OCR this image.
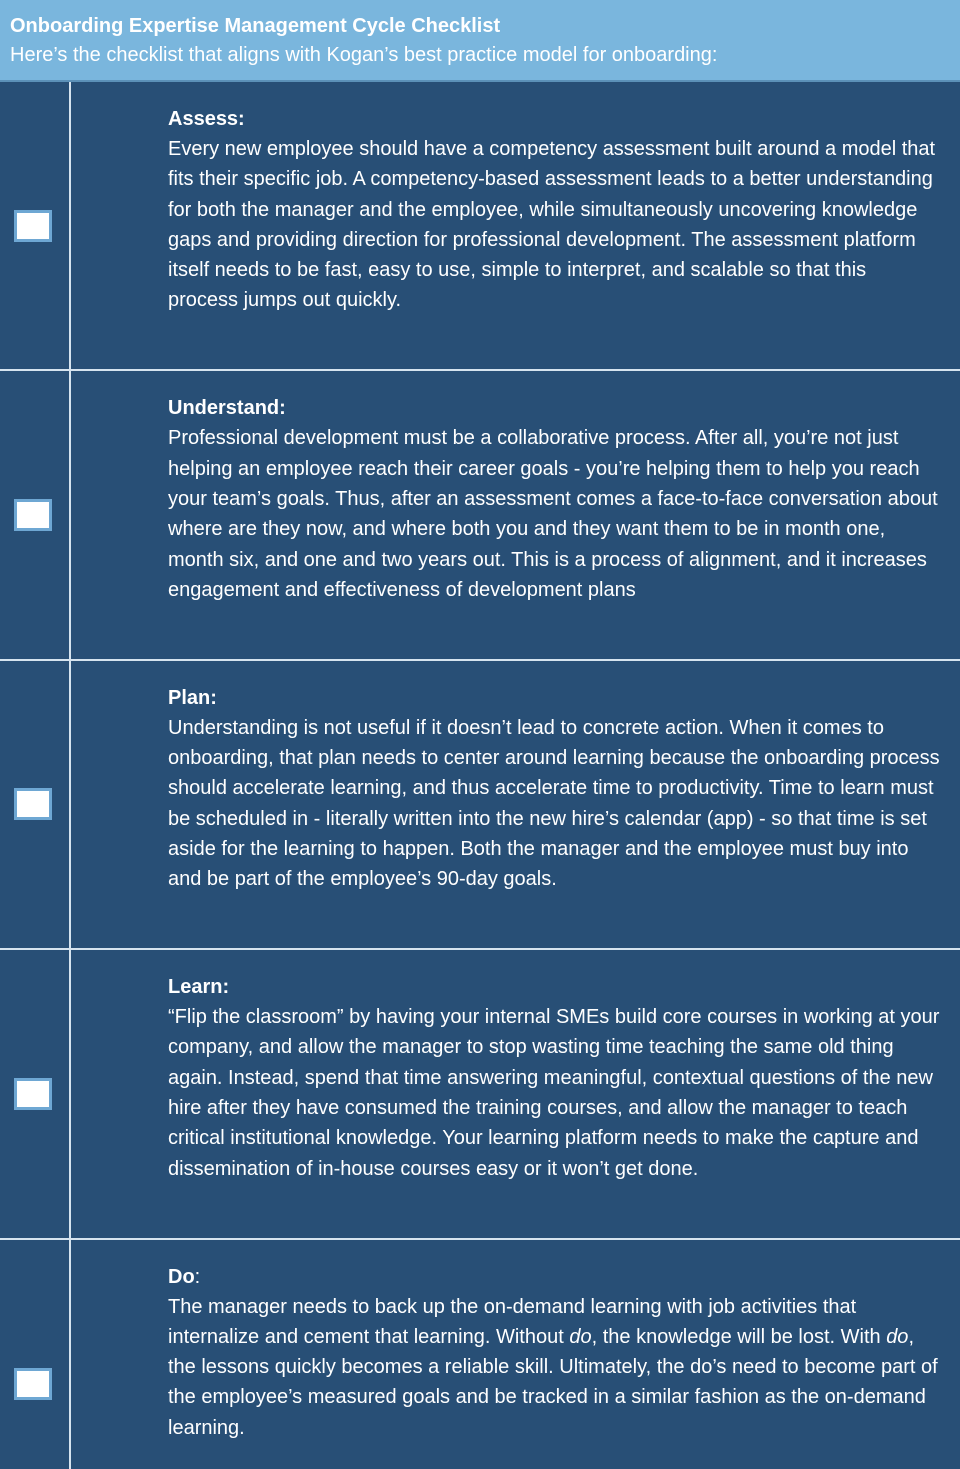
Onboarding Expertise Management Cycle Checklist
Here’s the checklist that aligns with Kogan’s best practice model for onboarding:
Assess:
Every new employee should have a competency assessment built around a model that fits their specific job. A competency-based assessment leads to a better understanding for both the manager and the employee, while simultaneously uncovering knowledge gaps and providing direction for professional development. The assessment platform itself needs to be fast, easy to use, simple to interpret, and scalable so that this process jumps out quickly.
Understand:
Professional development must be a collaborative process. After all, you’re not just helping an employee reach their career goals - you’re helping them to help you reach your team’s goals. Thus, after an assessment comes a face-to-face conversation about where are they now, and where both you and they want them to be in month one, month six, and one and two years out. This is a process of alignment, and it increases engagement and effectiveness of development plans
Plan:
Understanding is not useful if it doesn’t lead to concrete action. When it comes to onboarding, that plan needs to center around learning because the onboarding process should accelerate learning, and thus accelerate time to productivity. Time to learn must be scheduled in - literally written into the new hire’s calendar (app) - so that time is set aside for the learning to happen. Both the manager and the employee must buy into and be part of the employee’s 90-day goals.
Learn:
“Flip the classroom” by having your internal SMEs build core courses in working at your company, and allow the manager to stop wasting time teaching the same old thing again. Instead, spend that time answering meaningful, contextual questions of the new hire after they have consumed the training courses, and allow the manager to teach critical institutional knowledge. Your learning platform needs to make the capture and dissemination of in-house courses easy or it won’t get done.
Do:
The manager needs to back up the on-demand learning with job activities that internalize and cement that learning. Without do, the knowledge will be lost. With do, the lessons quickly becomes a reliable skill. Ultimately, the do’s need to become part of the employee’s measured goals and be tracked in a similar fashion as the on-demand learning.
